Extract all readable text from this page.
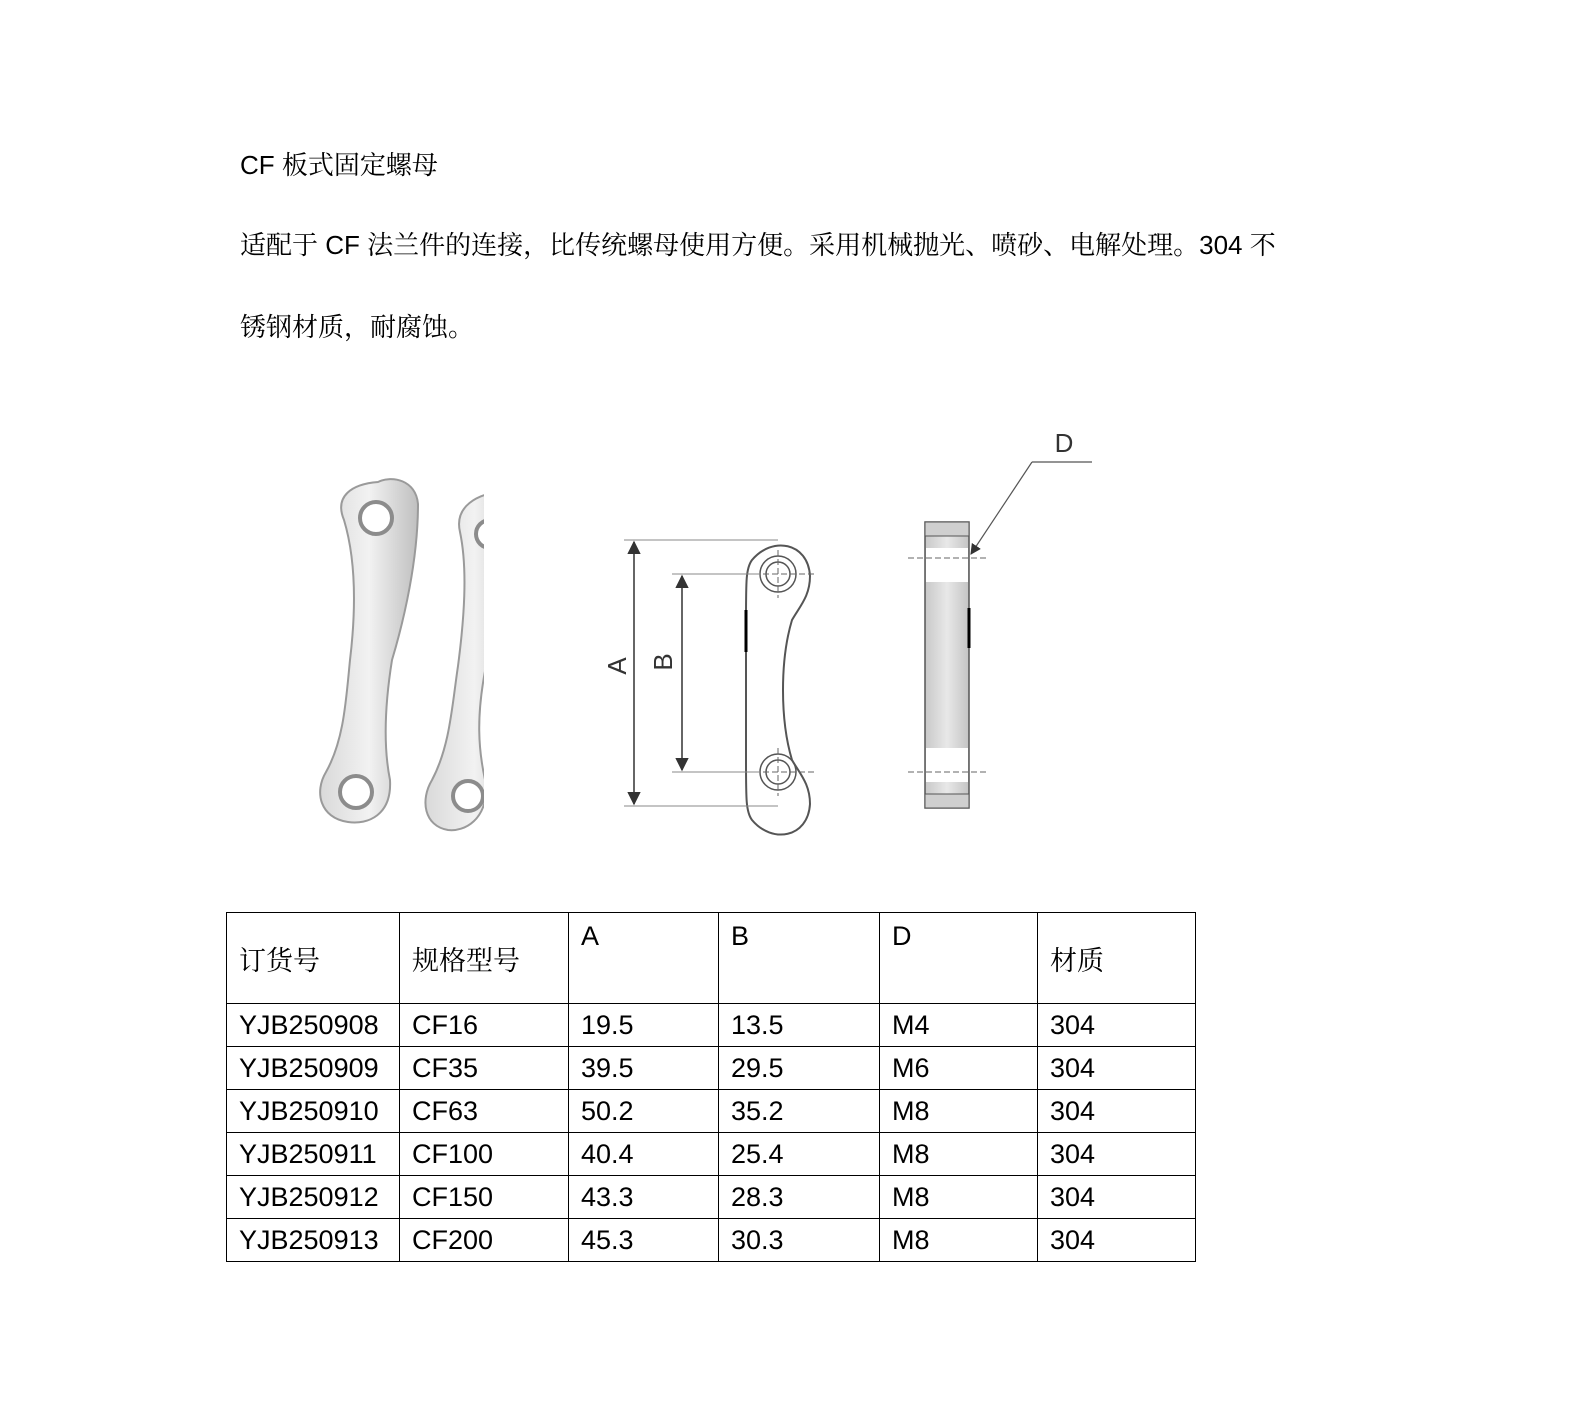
CF 板式固定螺母
适配于 CF 法兰件的连接，比传统螺母使用方便。采用机械抛光、喷砂、电解处理。304 不
锈钢材质，耐腐蚀。
A B
D
订货号	规格型号	A	B	D	材质
YJB250908	CF16	19.5	13.5	M4	304
YJB250909	CF35	39.5	29.5	M6	304
YJB250910	CF63	50.2	35.2	M8	304
YJB250911	CF100	40.4	25.4	M8	304
YJB250912	CF150	43.3	28.3	M8	304
YJB250913	CF200	45.3	30.3	M8	304
